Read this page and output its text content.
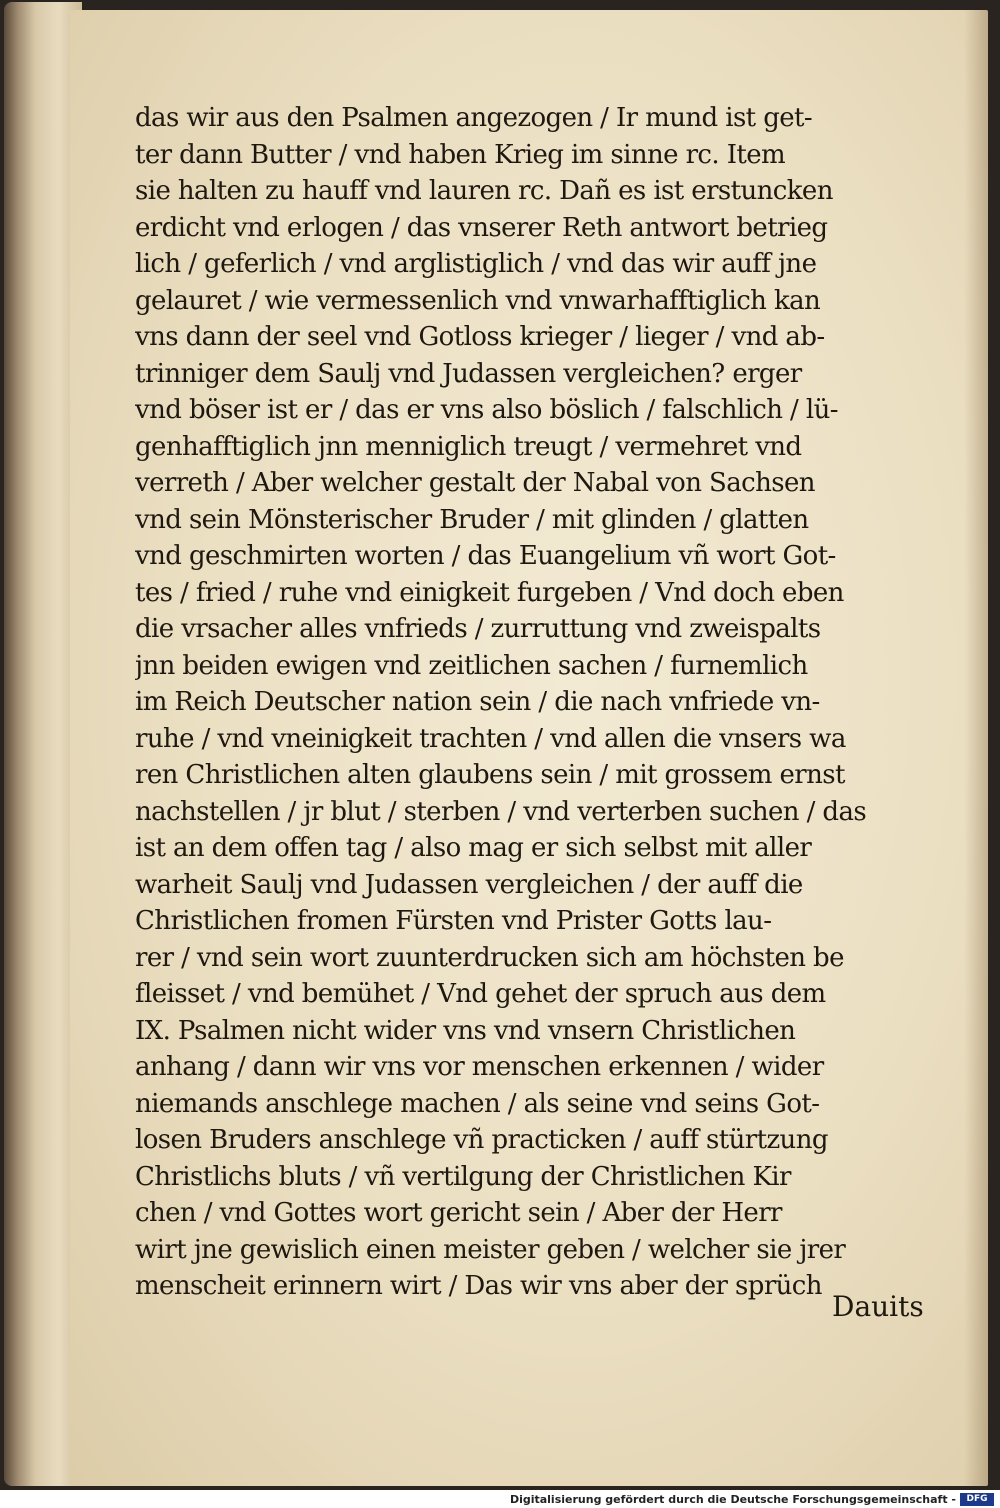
das wir aus den Psalmen angezogen / Ir mund ist get-
ter dann Butter / vnd haben Krieg im sinne rc. Item
sie halten zu hauff vnd lauren rc. Dañ es ist erstuncken
erdicht vnd erlogen / das vnserer Reth antwort betrieg
lich / geferlich / vnd arglistiglich / vnd das wir auff jne
gelauret / wie vermessenlich vnd vnwarhafftiglich kan
vns dann der seel vnd Gotloss krieger / lieger / vnd ab-
trinniger dem Saulj vnd Judassen vergleichen? erger
vnd böser ist er / das er vns also böslich / falschlich / lü-
genhafftiglich jnn menniglich treugt / vermehret vnd
verreth / Aber welcher gestalt der Nabal von Sachsen
vnd sein Mönsterischer Bruder / mit glinden / glatten
vnd geschmirten worten / das Euangelium vñ wort Got-
tes / fried / ruhe vnd einigkeit furgeben / Vnd doch eben
die vrsacher alles vnfrieds / zurruttung vnd zweispalts
jnn beiden ewigen vnd zeitlichen sachen / furnemlich
im Reich Deutscher nation sein / die nach vnfriede vn-
ruhe / vnd vneinigkeit trachten / vnd allen die vnsers wa
ren Christlichen alten glaubens sein / mit grossem ernst
nachstellen / jr blut / sterben / vnd verterben suchen / das
ist an dem offen tag / also mag er sich selbst mit aller
warheit Saulj vnd Judassen vergleichen / der auff die
Christlichen fromen Fürsten vnd Prister Gotts lau-
rer / vnd sein wort zuunterdrucken sich am höchsten be
fleisset / vnd bemühet / Vnd gehet der spruch aus dem
IX. Psalmen nicht wider vns vnd vnsern Christlichen
anhang / dann wir vns vor menschen erkennen / wider
niemands anschlege machen / als seine vnd seins Got-
losen Bruders anschlege vñ practicken / auff stürtzung
Christlichs bluts / vñ vertilgung der Christlichen Kir
chen / vnd Gottes wort gericht sein / Aber der Herr
wirt jne gewislich einen meister geben / welcher sie jrer
menscheit erinnern wirt / Das wir vns aber der sprüch
Dauits
Digitalisierung gefördert durch die Deutsche Forschungsgemeinschaft -	DFG
